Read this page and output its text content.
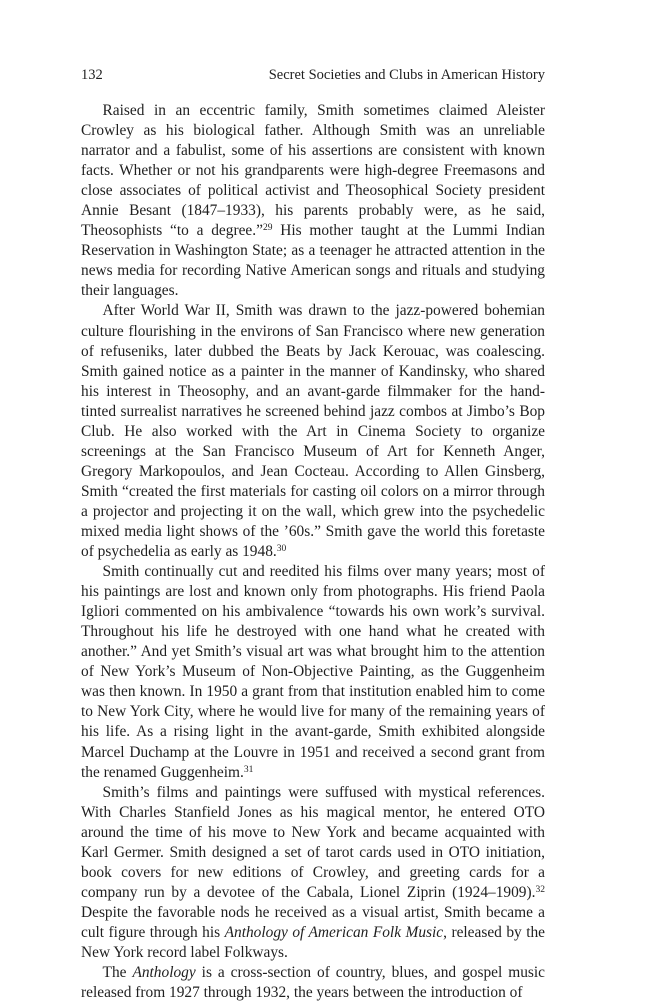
132	Secret Societies and Clubs in American History

Raised in an eccentric family, Smith sometimes claimed Aleister Crowley as his biological father. Although Smith was an unreliable narrator and a fabulist, some of his assertions are consistent with known facts. Whether or not his grandparents were high-degree Freemasons and close associates of political activist and Theosophical Society president Annie Besant (1847–1933), his parents probably were, as he said, Theosophists “to a degree.”$^{29}$ His mother taught at the Lummi Indian Reservation in Washington State; as a teenager he attracted attention in the news media for recording Native American songs and rituals and studying their languages.

After World War II, Smith was drawn to the jazz-powered bohemian culture flourishing in the environs of San Francisco where new generation of refuseniks, later dubbed the Beats by Jack Kerouac, was coalescing. Smith gained notice as a painter in the manner of Kandinsky, who shared his interest in Theosophy, and an avant-garde filmmaker for the hand-tinted surrealist narratives he screened behind jazz combos at Jimbo’s Bop Club. He also worked with the Art in Cinema Society to organize screenings at the San Francisco Museum of Art for Kenneth Anger, Gregory Markopoulos, and Jean Cocteau. According to Allen Ginsberg, Smith “created the first materials for casting oil colors on a mirror through a projector and projecting it on the wall, which grew into the psychedelic mixed media light shows of the ’60s.” Smith gave the world this foretaste of psychedelia as early as 1948.30

Smith continually cut and reedited his films over many years; most of his paintings are lost and known only from photographs. His friend Paola Igliori commented on his ambivalence “towards his own work’s survival. Throughout his life he destroyed with one hand what he created with another.” And yet Smith’s visual art was what brought him to the attention of New York’s Museum of Non-Objective Painting, as the Guggenheim was then known. In 1950 a grant from that institution enabled him to come to New York City, where he would live for many of the remaining years of his life. As a rising light in the avant-garde, Smith exhibited alongside Marcel Duchamp at the Louvre in 1951 and received a second grant from the renamed Guggenheim.$^{31}$

Smith’s films and paintings were suffused with mystical references. With Charles Stanfield Jones as his magical mentor, he entered OTO around the time of his move to New York and became acquainted with Karl Germer. Smith designed a set of tarot cards used in OTO initiation, book covers for new editions of Crowley, and greeting cards for a company run by a devotee of the Cabala, Lionel Ziprin (1924–1909).$^{32}$ Despite the favorable nods he received as a visual artist, Smith became a cult figure through his Anthology of American Folk Music, released by the New York record label Folkways.

The Anthology is a cross-section of country, blues, and gospel music released from 1927 through 1932, the years between the introduction of
